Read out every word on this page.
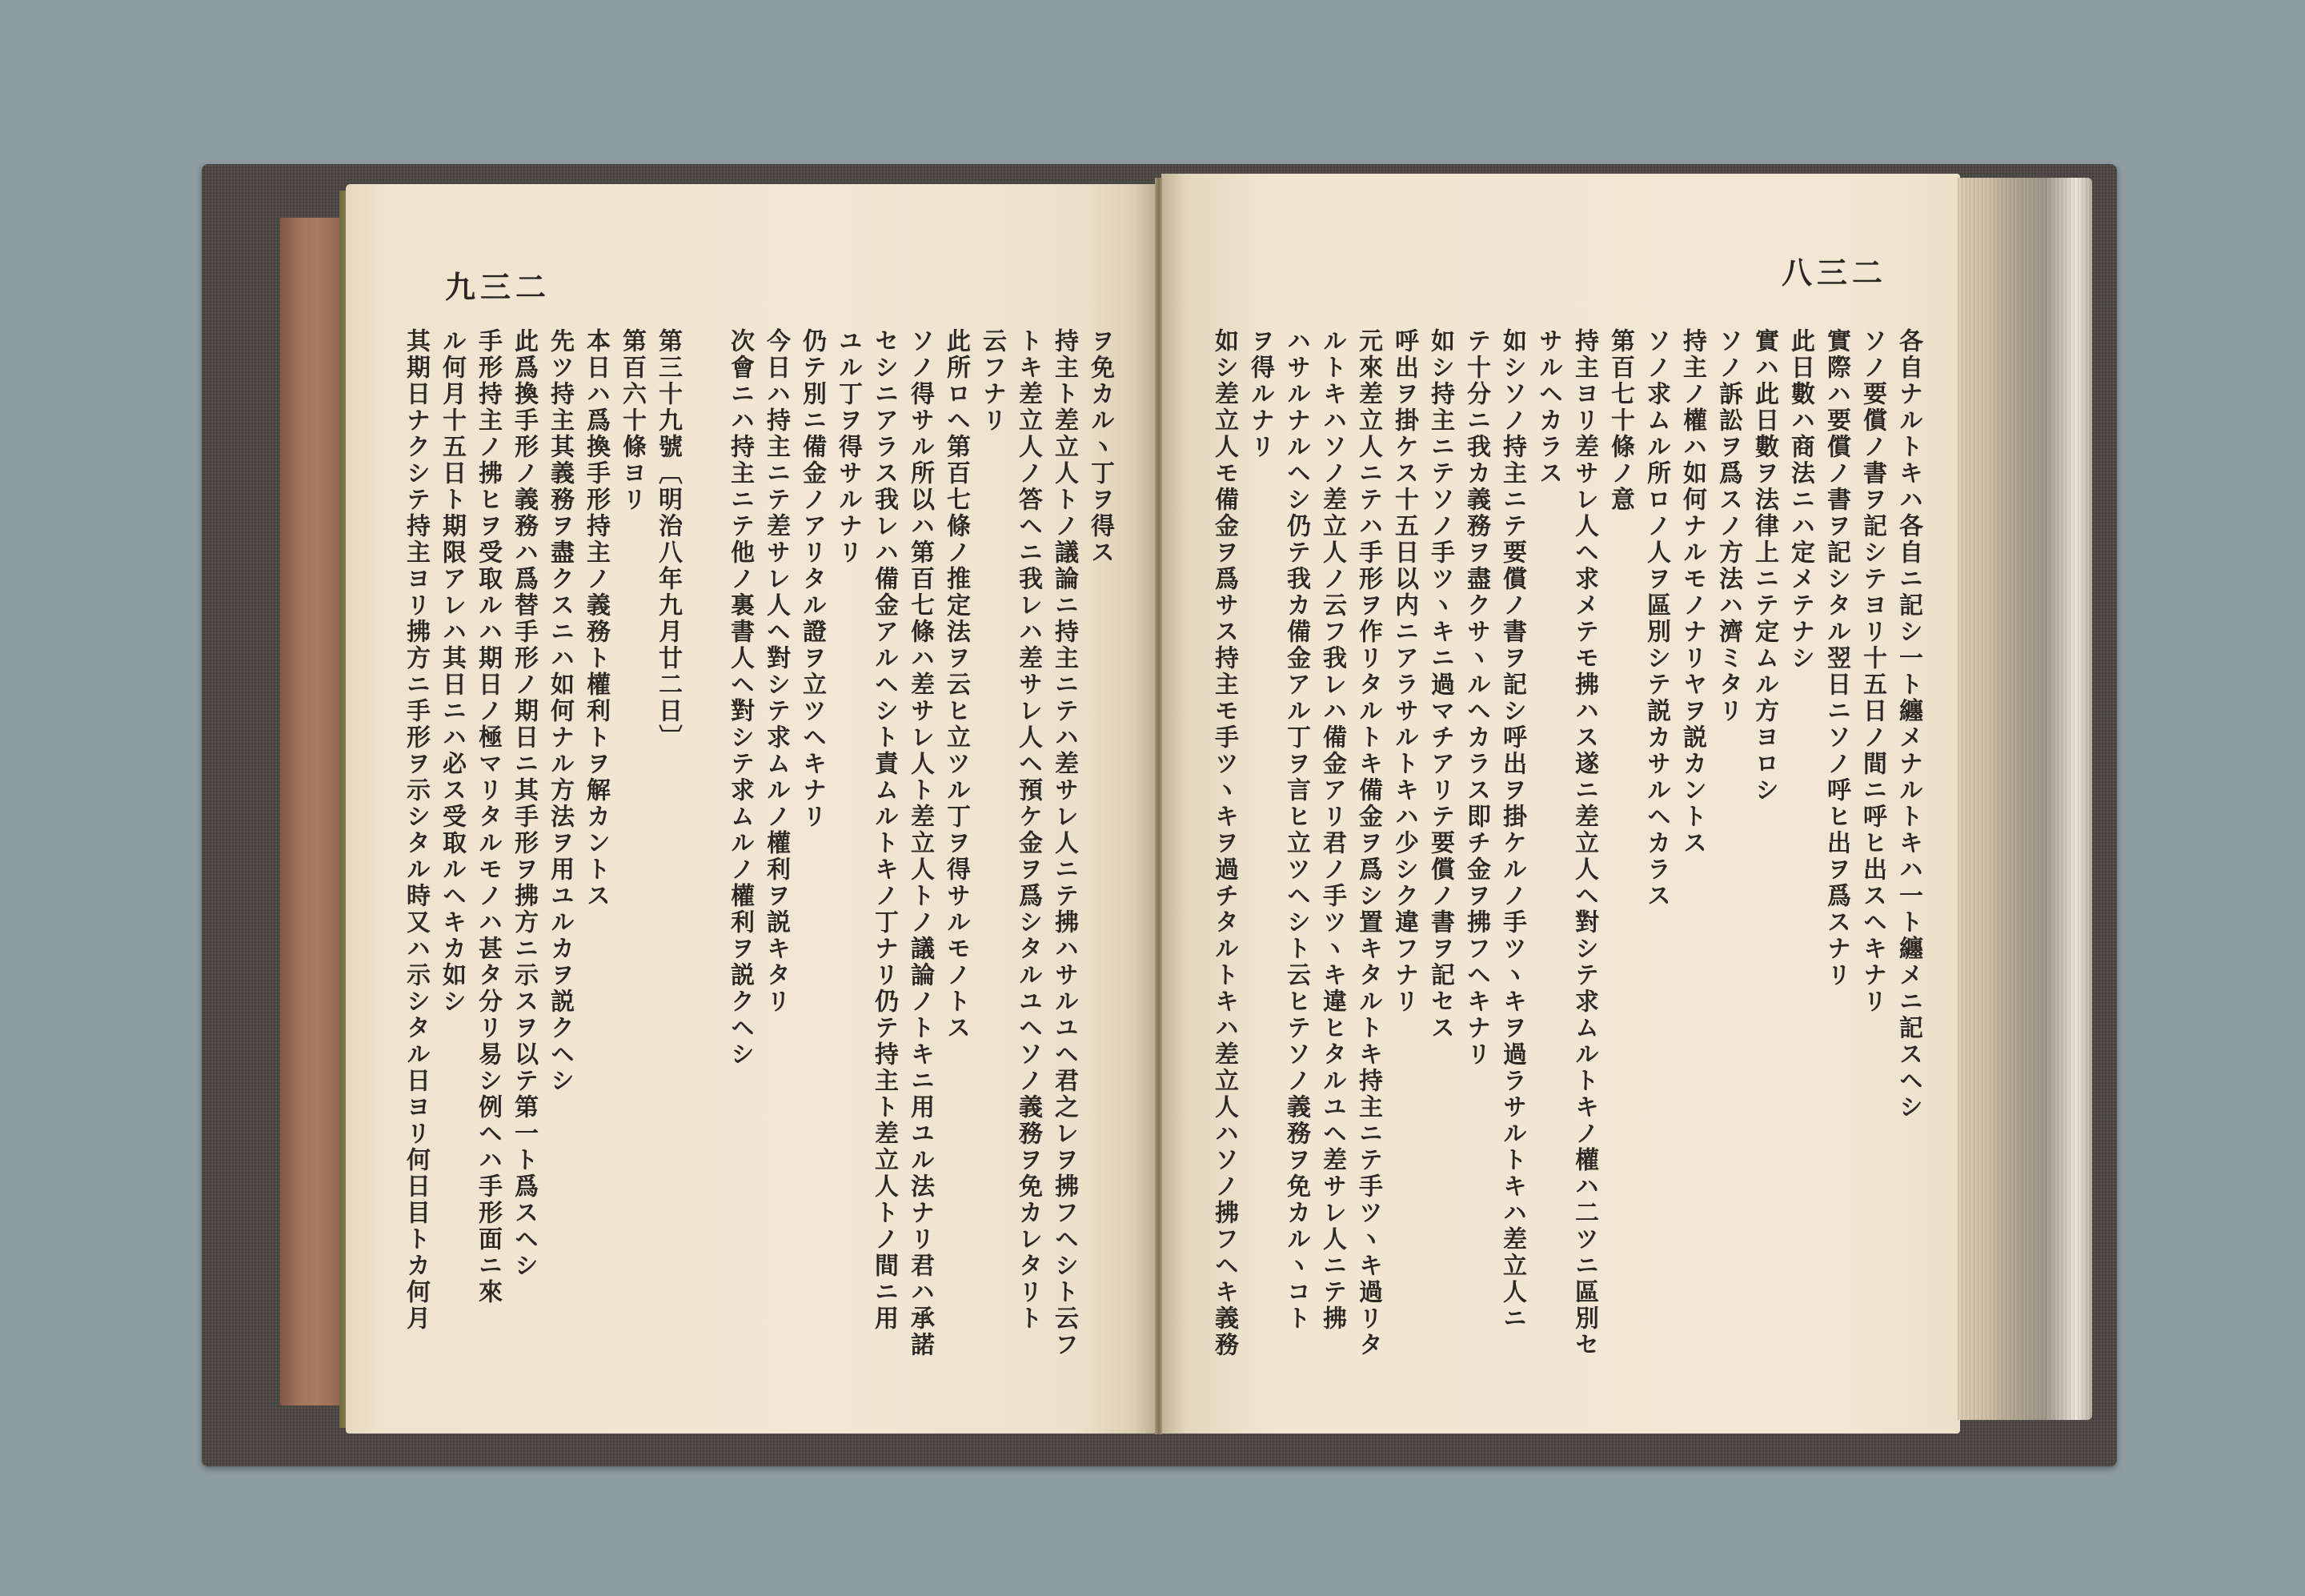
八三二
九三二
各自ナルトキハ各自ニ記シ一ト纏メナルトキハ一ト纏メニ記スヘシ
ソノ要償ノ書ヲ記シテヨリ十五日ノ間ニ呼ヒ出スヘキナリ
實際ハ要償ノ書ヲ記シタル翌日ニソノ呼ヒ出ヲ爲スナリ
此日數ハ商法ニハ定メテナシ
實ハ此日數ヲ法律上ニテ定ムル方ヨロシ
ソノ訴訟ヲ爲スノ方法ハ濟ミタリ
持主ノ權ハ如何ナルモノナリヤヲ説カントス
ソノ求ムル所ロノ人ヲ區別シテ説カサルヘカラス
第百七十條ノ意
持主ヨリ差サレ人ヘ求メテモ拂ハス遂ニ差立人ヘ對シテ求ムルトキノ權ハ二ツニ區別セ
サルヘカラス
如シソノ持主ニテ要償ノ書ヲ記シ呼出ヲ掛ケルノ手ツヽキヲ過ラサルトキハ差立人ニ
テ十分ニ我カ義務ヲ盡クサヽルヘカラス即チ金ヲ拂フヘキナリ
如シ持主ニテソノ手ツヽキニ過マチアリテ要償ノ書ヲ記セス
呼出ヲ掛ケス十五日以内ニアラサルトキハ少シク違フナリ
元來差立人ニテハ手形ヲ作リタルトキ備金ヲ爲シ置キタルトキ持主ニテ手ツヽキ過リタ
ルトキハソノ差立人ノ云フ我レハ備金アリ君ノ手ツヽキ違ヒタルユヘ差サレ人ニテ拂
ハサルナルヘシ仍テ我カ備金アル丁ヲ言ヒ立ツヘシト云ヒテソノ義務ヲ免カルヽコト
ヲ得ルナリ
如シ差立人モ備金ヲ爲サス持主モ手ツヽキヲ過チタルトキハ差立人ハソノ拂フヘキ義務
ヲ免カルヽ丁ヲ得ス
持主ト差立人トノ議論ニ持主ニテハ差サレ人ニテ拂ハサルユヘ君之レヲ拂フヘシト云フ
トキ差立人ノ答ヘニ我レハ差サレ人ヘ預ケ金ヲ爲シタルユヘソノ義務ヲ免カレタリト
云フナリ
此所ロヘ第百七條ノ推定法ヲ云ヒ立ツル丁ヲ得サルモノトス
ソノ得サル所以ハ第百七條ハ差サレ人ト差立人トノ議論ノトキニ用ユル法ナリ君ハ承諾
セシニアラス我レハ備金アルヘシト責ムルトキノ丁ナリ仍テ持主ト差立人トノ間ニ用
ユル丁ヲ得サルナリ
仍テ別ニ備金ノアリタル證ヲ立ツヘキナリ
今日ハ持主ニテ差サレ人ヘ對シテ求ムルノ權利ヲ説キタリ
次會ニハ持主ニテ他ノ裏書人ヘ對シテ求ムルノ權利ヲ説クヘシ
第三十九號〔明治八年九月廿二日〕
第百六十條ヨリ
本日ハ爲換手形持主ノ義務ト權利トヲ解カントス
先ツ持主其義務ヲ盡クスニハ如何ナル方法ヲ用ユルカヲ説クヘシ
此爲換手形ノ義務ハ爲替手形ノ期日ニ其手形ヲ拂方ニ示スヲ以テ第一ト爲スヘシ
手形持主ノ拂ヒヲ受取ルハ期日ノ極マリタルモノハ甚タ分リ易シ例ヘハ手形面ニ來
ル何月十五日ト期限アレハ其日ニハ必ス受取ルヘキカ如シ
其期日ナクシテ持主ヨリ拂方ニ手形ヲ示シタル時又ハ示シタル日ヨリ何日目トカ何月
